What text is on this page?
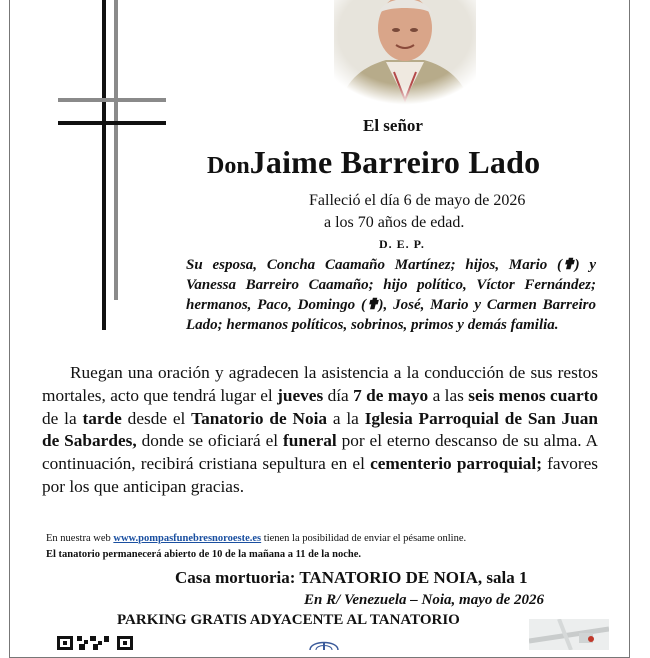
El señor
DonJaime Barreiro Lado
Falleció el día 6 de mayo de 2026
a los 70 años de edad.
D. E. P.
Su esposa, Concha Caamaño Martínez; hijos, Mario (✟) y Vanessa Barreiro Caamaño; hijo político, Víctor Fernández; hermanos, Paco, Domingo (✟), José, Mario y Carmen Barreiro Lado; hermanos políticos, sobrinos, primos y demás familia.
Ruegan una oración y agradecen la asistencia a la conducción de sus restos mortales, acto que tendrá lugar el jueves día 7 de mayo a las seis menos cuarto de la tarde desde el Tanatorio de Noia a la Iglesia Parroquial de San Juan de Sabardes, donde se oficiará el funeral por el eterno descanso de su alma. A continuación, recibirá cristiana sepultura en el cementerio parroquial; favores por los que anticipan gracias.
En nuestra web www.pompasfunebresnoroeste.es tienen la posibilidad de enviar el pésame online.
El tanatorio permanecerá abierto de 10 de la mañana a 11 de la noche.
Casa mortuoria: TANATORIO DE NOIA, sala 1
En R/ Venezuela – Noia, mayo de 2026
PARKING GRATIS ADYACENTE AL TANATORIO
